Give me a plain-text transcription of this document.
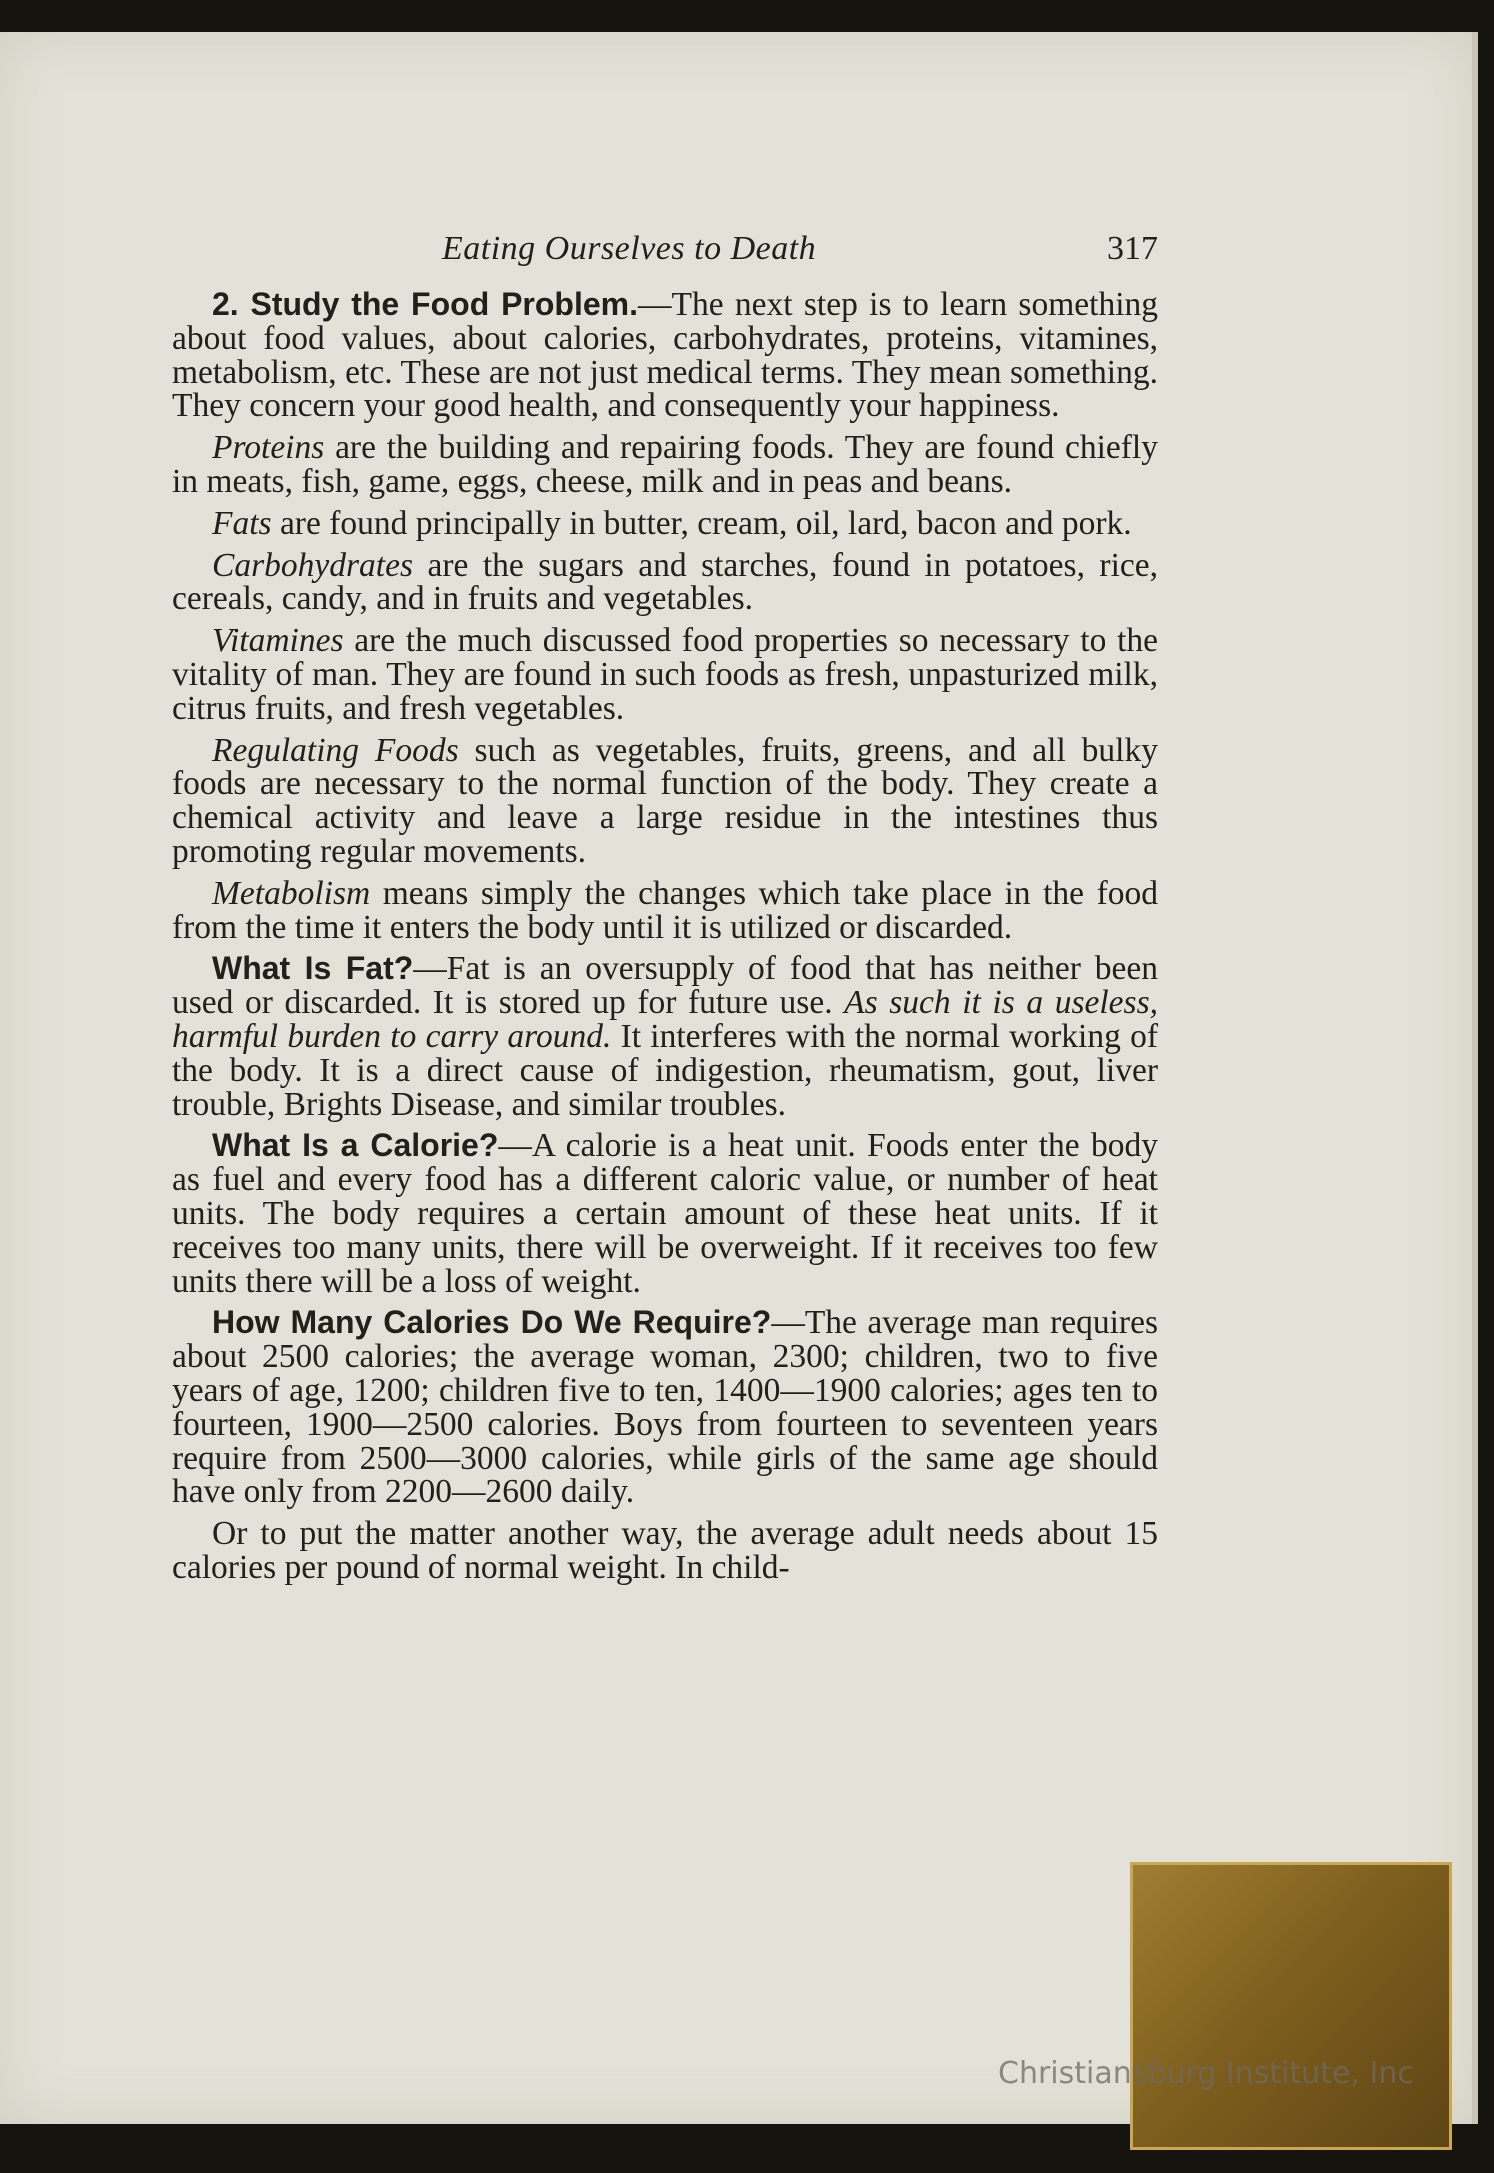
Eating Ourselves to Death	317

2. Study the Food Problem.—The next step is to learn something about food values, about calories, carbohydrates, proteins, vitamines, metabolism, etc. These are not just medical terms. They mean something. They concern your good health, and consequently your happiness.

Proteins are the building and repairing foods. They are found chiefly in meats, fish, game, eggs, cheese, milk and in peas and beans.

Fats are found principally in butter, cream, oil, lard, bacon and pork.

Carbohydrates are the sugars and starches, found in potatoes, rice, cereals, candy, and in fruits and vegetables.

Vitamines are the much discussed food properties so necessary to the vitality of man. They are found in such foods as fresh, unpasturized milk, citrus fruits, and fresh vegetables.

Regulating Foods such as vegetables, fruits, greens, and all bulky foods are necessary to the normal function of the body. They create a chemical activity and leave a large residue in the intestines thus promoting regular movements.

Metabolism means simply the changes which take place in the food from the time it enters the body until it is utilized or discarded.

What Is Fat?—Fat is an oversupply of food that has neither been used or discarded. It is stored up for future use. As such it is a useless, harmful burden to carry around. It interferes with the normal working of the body. It is a direct cause of indigestion, rheumatism, gout, liver trouble, Brights Disease, and similar troubles.

What Is a Calorie?—A calorie is a heat unit. Foods enter the body as fuel and every food has a different caloric value, or number of heat units. The body requires a certain amount of these heat units. If it receives too many units, there will be overweight. If it receives too few units there will be a loss of weight.

How Many Calories Do We Require?—The average man requires about 2500 calories; the average woman, 2300; children, two to five years of age, 1200; children five to ten, 1400—1900 calories; ages ten to fourteen, 1900—2500 calories. Boys from fourteen to seventeen years require from 2500—3000 calories, while girls of the same age should have only from 2200—2600 daily.

Or to put the matter another way, the average adult needs about 15 calories per pound of normal weight. In child-

Christiansburg Institute, Inc
